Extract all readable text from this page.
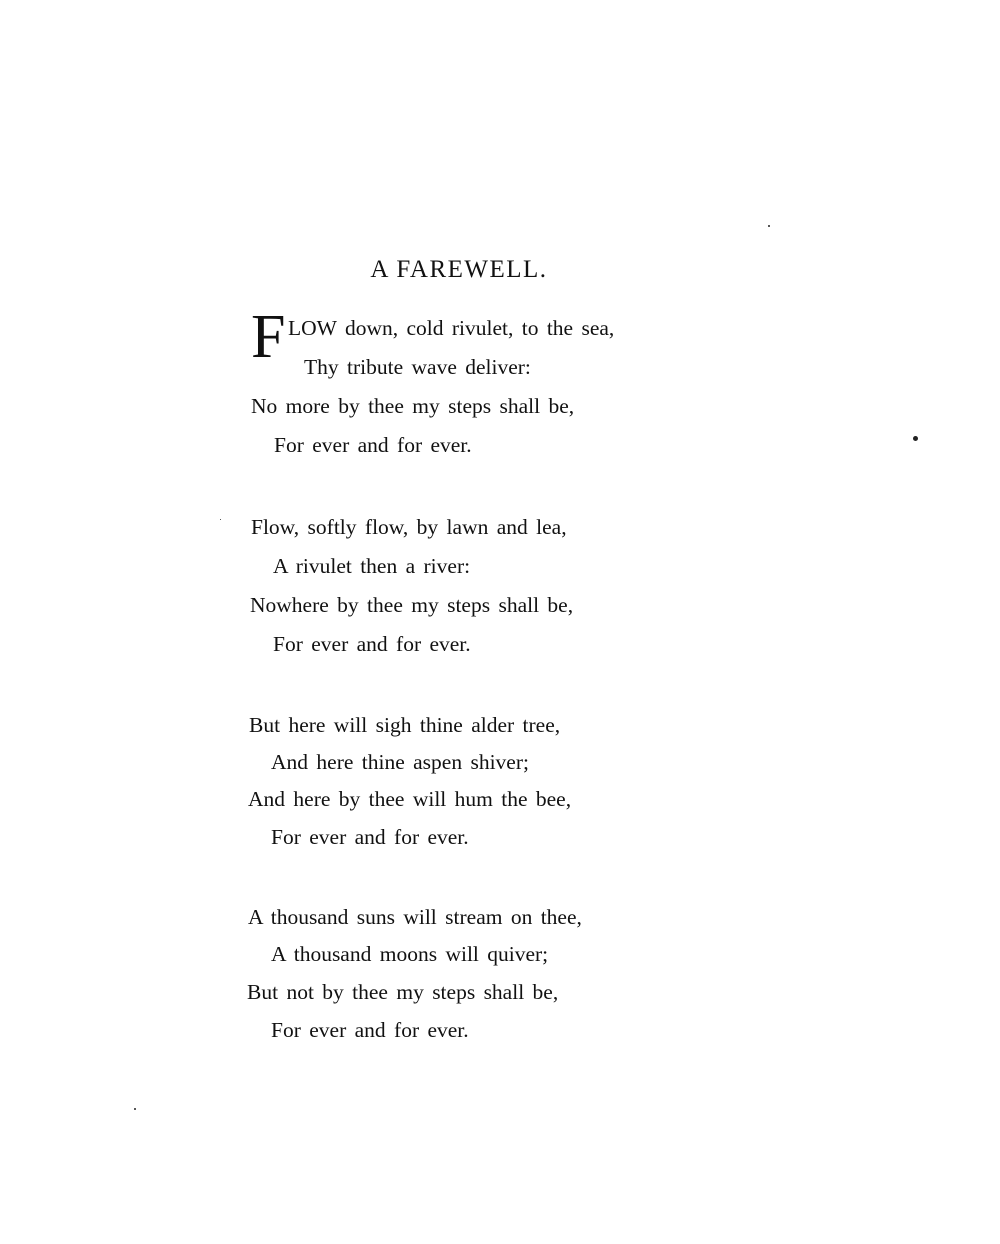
A FAREWELL.
F LOW down, cold rivulet, to the sea,
Thy tribute wave deliver:
No more by thee my steps shall be,
For ever and for ever.
Flow, softly flow, by lawn and lea,
A rivulet then a river:
Nowhere by thee my steps shall be,
For ever and for ever.
But here will sigh thine alder tree,
And here thine aspen shiver;
And here by thee will hum the bee,
For ever and for ever.
A thousand suns will stream on thee,
A thousand moons will quiver;
But not by thee my steps shall be,
For ever and for ever.
